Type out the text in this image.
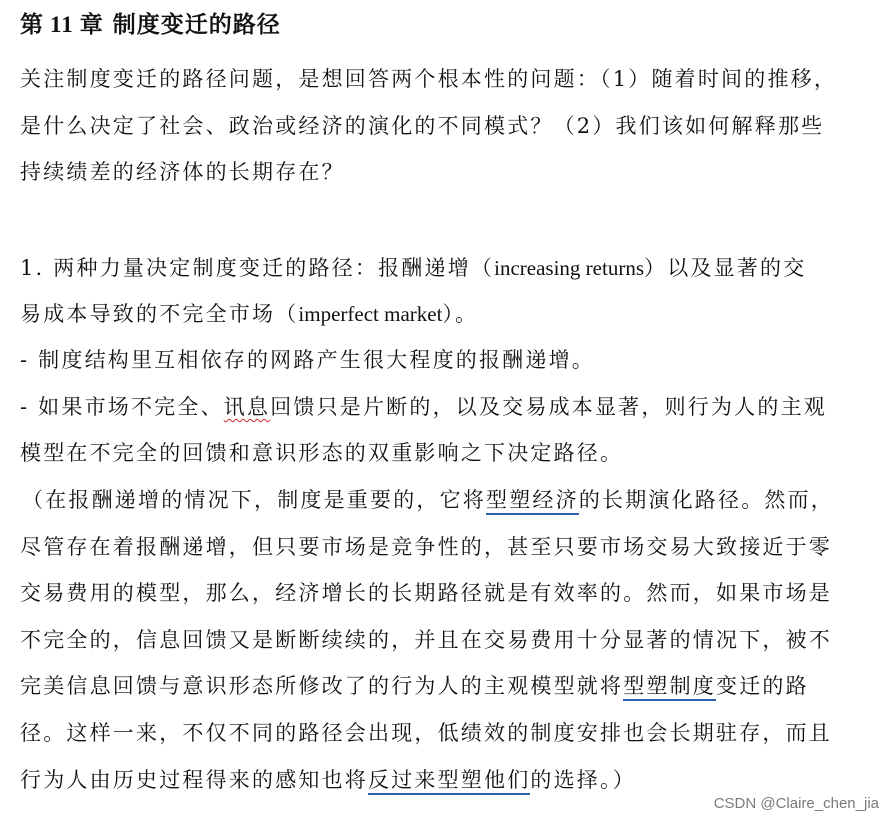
第 11 章 制度变迁的路径
关注制度变迁的路径问题，是想回答两个根本性的问题：（1）随着时间的推移，
是什么决定了社会、政治或经济的演化的不同模式？（2）我们该如何解释那些
持续绩差的经济体的长期存在？
1. 两种力量决定制度变迁的路径：报酬递增（increasing returns）以及显著的交
易成本导致的不完全市场（imperfect market）。
- 制度结构里互相依存的网路产生很大程度的报酬递增。
- 如果市场不完全、讯息回馈只是片断的，以及交易成本显著，则行为人的主观
模型在不完全的回馈和意识形态的双重影响之下决定路径。
（在报酬递增的情况下，制度是重要的，它将型塑经济的长期演化路径。然而，
尽管存在着报酬递增，但只要市场是竞争性的，甚至只要市场交易大致接近于零
交易费用的模型，那么，经济增长的长期路径就是有效率的。然而，如果市场是
不完全的，信息回馈又是断断续续的，并且在交易费用十分显著的情况下，被不
完美信息回馈与意识形态所修改了的行为人的主观模型就将型塑制度变迁的路
径。这样一来，不仅不同的路径会出现，低绩效的制度安排也会长期驻存，而且
行为人由历史过程得来的感知也将反过来型塑他们的选择。）
CSDN @Claire_chen_jia
